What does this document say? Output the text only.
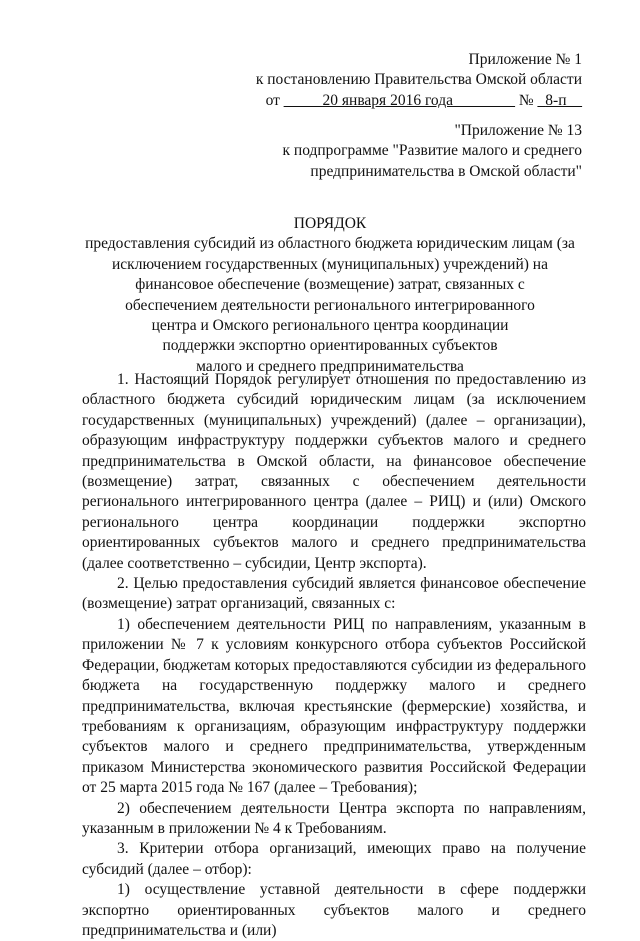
Приложение № 1
к постановлению Правительства Омской области
от _____20 января 2016 года________ № _8-п__
"Приложение № 13
к подпрограмме "Развитие малого и среднего
предпринимательства в Омской области"
ПОРЯДОК
предоставления субсидий из областного бюджета юридическим лицам (за
исключением государственных (муниципальных) учреждений) на
финансовое обеспечение (возмещение) затрат, связанных с
обеспечением деятельности регионального интегрированного
центра и Омского регионального центра координации
поддержки экспортно ориентированных субъектов
малого и среднего предпринимательства

1. Настоящий Порядок регулирует отношения по предоставлению из областного бюджета субсидий юридическим лицам (за исключением государственных (муниципальных) учреждений) (далее – организации), образующим инфраструктуру поддержки субъектов малого и среднего предпринимательства в Омской области, на финансовое обеспечение (возмещение) затрат, связанных с обеспечением деятельности регионального интегрированного центра (далее – РИЦ) и (или) Омского регионального центра координации поддержки экспортно ориентированных субъектов малого и среднего предпринимательства (далее соответственно – субсидии, Центр экспорта).

2. Целью предоставления субсидий является финансовое обеспечение (возмещение) затрат организаций, связанных с:

1) обеспечением деятельности РИЦ по направлениям, указанным в приложении № 7 к условиям конкурсного отбора субъектов Российской Федерации, бюджетам которых предоставляются субсидии из федерального бюджета на государственную поддержку малого и среднего предпринимательства, включая крестьянские (фермерские) хозяйства, и требованиям к организациям, образующим инфраструктуру поддержки субъектов малого и среднего предпринимательства, утвержденным приказом Министерства экономического развития Российской Федерации от 25 марта 2015 года № 167 (далее – Требования);

2) обеспечением деятельности Центра экспорта по направлениям, указанным в приложении № 4 к Требованиям.

3. Критерии отбора организаций, имеющих право на получение субсидий (далее – отбор):

1) осуществление уставной деятельности в сфере поддержки экспортно ориентированных субъектов малого и среднего предпринимательства и (или)
